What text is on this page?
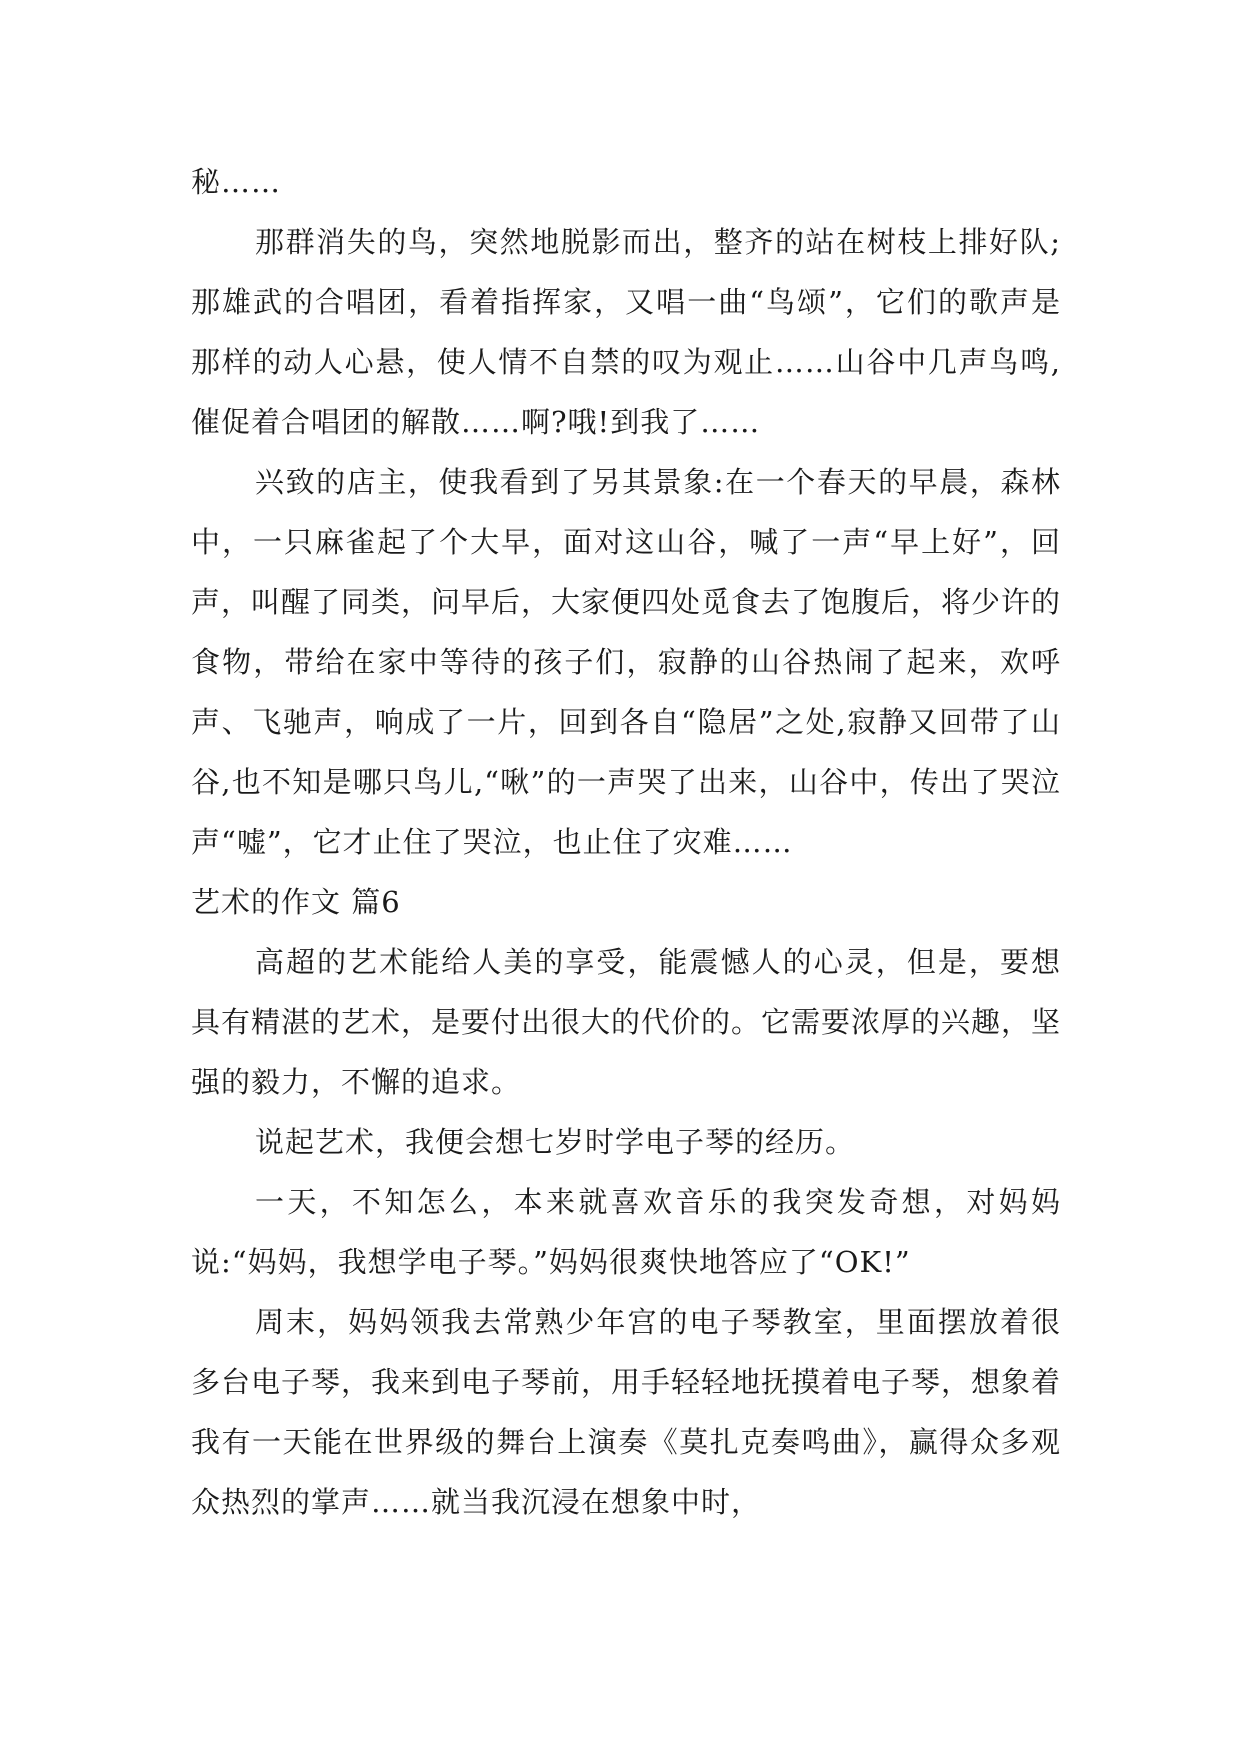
秘……

那群消失的鸟，突然地脱影而出，整齐的站在树枝上排好队;那雄武的合唱团，看着指挥家，又唱一曲“鸟颂”，它们的歌声是那样的动人心悬，使人情不自禁的叹为观止……山谷中几声鸟鸣,催促着合唱团的解散……啊?哦!到我了……

兴致的店主，使我看到了另其景象:在一个春天的早晨，森林中，一只麻雀起了个大早，面对这山谷，喊了一声“早上好”，回声，叫醒了同类，问早后，大家便四处觅食去了饱腹后，将少许的食物，带给在家中等待的孩子们，寂静的山谷热闹了起来，欢呼声、飞驰声，响成了一片，回到各自“隐居”之处,寂静又回带了山谷,也不知是哪只鸟儿,“啾”的一声哭了出来，山谷中，传出了哭泣声“嘘”，它才止住了哭泣，也止住了灾难……

艺术的作文 篇6

高超的艺术能给人美的享受，能震憾人的心灵，但是，要想具有精湛的艺术，是要付出很大的代价的。它需要浓厚的兴趣，坚强的毅力，不懈的追求。

说起艺术，我便会想七岁时学电子琴的经历。

一天，不知怎么，本来就喜欢音乐的我突发奇想，对妈妈说:“妈妈，我想学电子琴。”妈妈很爽快地答应了“OK!”

周末，妈妈领我去常熟少年宫的电子琴教室，里面摆放着很多台电子琴，我来到电子琴前，用手轻轻地抚摸着电子琴，想象着我有一天能在世界级的舞台上演奏《莫扎克奏鸣曲》，赢得众多观众热烈的掌声……就当我沉浸在想象中时，
